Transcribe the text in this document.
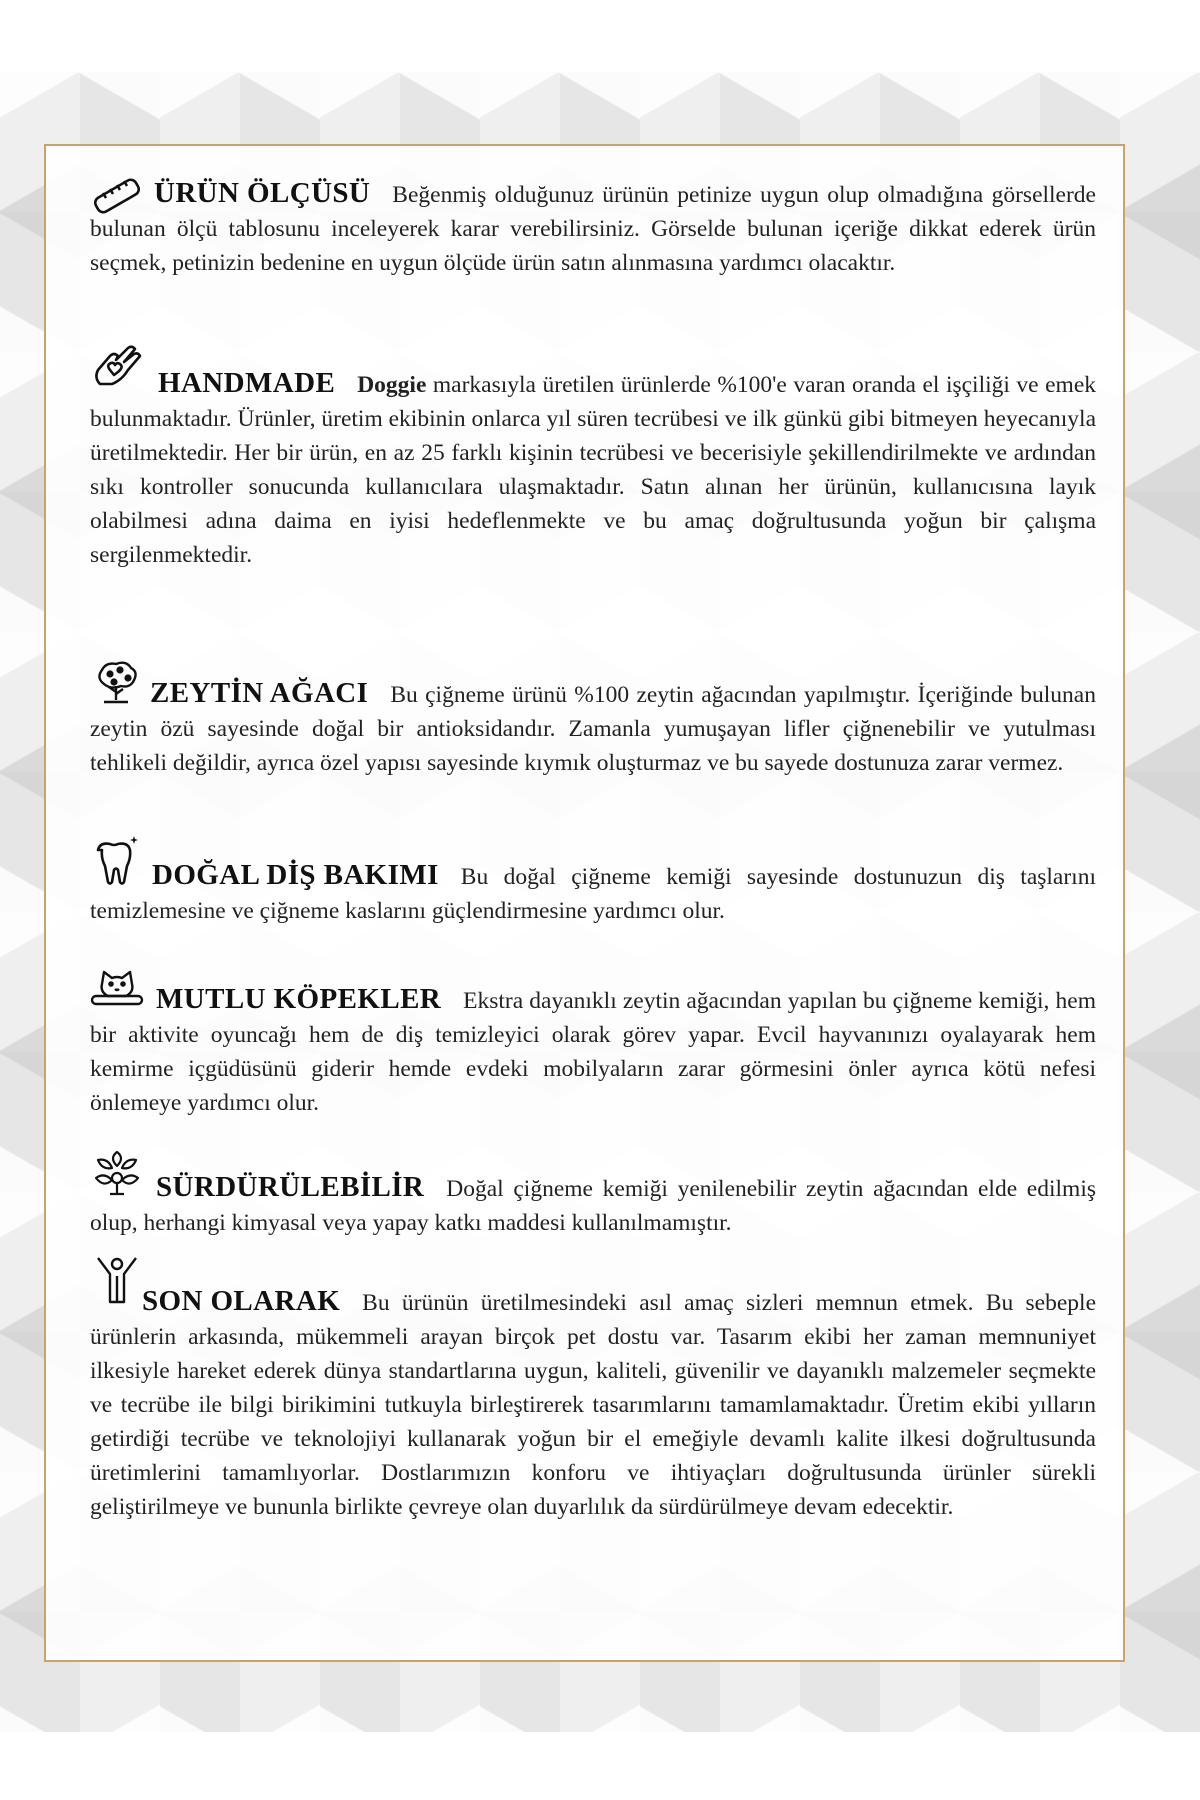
ÜRÜN ÖLÇÜSÜ Beğenmiş olduğunuz ürünün petinize uygun olup olmadığına görsellerde bulunan ölçü tablosunu inceleyerek karar verebilirsiniz. Görselde bulunan içeriğe dikkat ederek ürün seçmek, petinizin bedenine en uygun ölçüde ürün satın alınmasına yardımcı olacaktır.

HANDMADE Doggie markasıyla üretilen ürünlerde %100'e varan oranda el işçiliği ve emek bulunmaktadır. Ürünler, üretim ekibinin onlarca yıl süren tecrübesi ve ilk günkü gibi bitmeyen heyecanıyla üretilmektedir. Her bir ürün, en az 25 farklı kişinin tecrübesi ve becerisiyle şekillendirilmekte ve ardından sıkı kontroller sonucunda kullanıcılara ulaşmaktadır. Satın alınan her ürünün, kullanıcısına layık olabilmesi adına daima en iyisi hedeflenmekte ve bu amaç doğrultusunda yoğun bir çalışma sergilenmektedir.

ZEYTİN AĞACI Bu çiğneme ürünü %100 zeytin ağacından yapılmıştır. İçeriğinde bulunan zeytin özü sayesinde doğal bir antioksidandır. Zamanla yumuşayan lifler çiğnenebilir ve yutulması tehlikeli değildir, ayrıca özel yapısı sayesinde kıymık oluşturmaz ve bu sayede dostunuza zarar vermez.

DOĞAL DİŞ BAKIMI Bu doğal çiğneme kemiği sayesinde dostunuzun diş taşlarını temizlemesine ve çiğneme kaslarını güçlendirmesine yardımcı olur.

MUTLU KÖPEKLER Ekstra dayanıklı zeytin ağacından yapılan bu çiğneme kemiği, hem bir aktivite oyuncağı hem de diş temizleyici olarak görev yapar. Evcil hayvanınızı oyalayarak hem kemirme içgüdüsünü giderir hemde evdeki mobilyaların zarar görmesini önler ayrıca kötü nefesi önlemeye yardımcı olur.

SÜRDÜRÜLEBİLİR Doğal çiğneme kemiği yenilenebilir zeytin ağacından elde edilmiş olup, herhangi kimyasal veya yapay katkı maddesi kullanılmamıştır.

SON OLARAK Bu ürünün üretilmesindeki asıl amaç sizleri memnun etmek. Bu sebeple ürünlerin arkasında, mükemmeli arayan birçok pet dostu var. Tasarım ekibi her zaman memnuniyet ilkesiyle hareket ederek dünya standartlarına uygun, kaliteli, güvenilir ve dayanıklı malzemeler seçmekte ve tecrübe ile bilgi birikimini tutkuyla birleştirerek tasarımlarını tamamlamaktadır. Üretim ekibi yılların getirdiği tecrübe ve teknolojiyi kullanarak yoğun bir el emeğiyle devamlı kalite ilkesi doğrultusunda üretimlerini tamamlıyorlar. Dostlarımızın konforu ve ihtiyaçları doğrultusunda ürünler sürekli geliştirilmeye ve bununla birlikte çevreye olan duyarlılık da sürdürülmeye devam edecektir.
